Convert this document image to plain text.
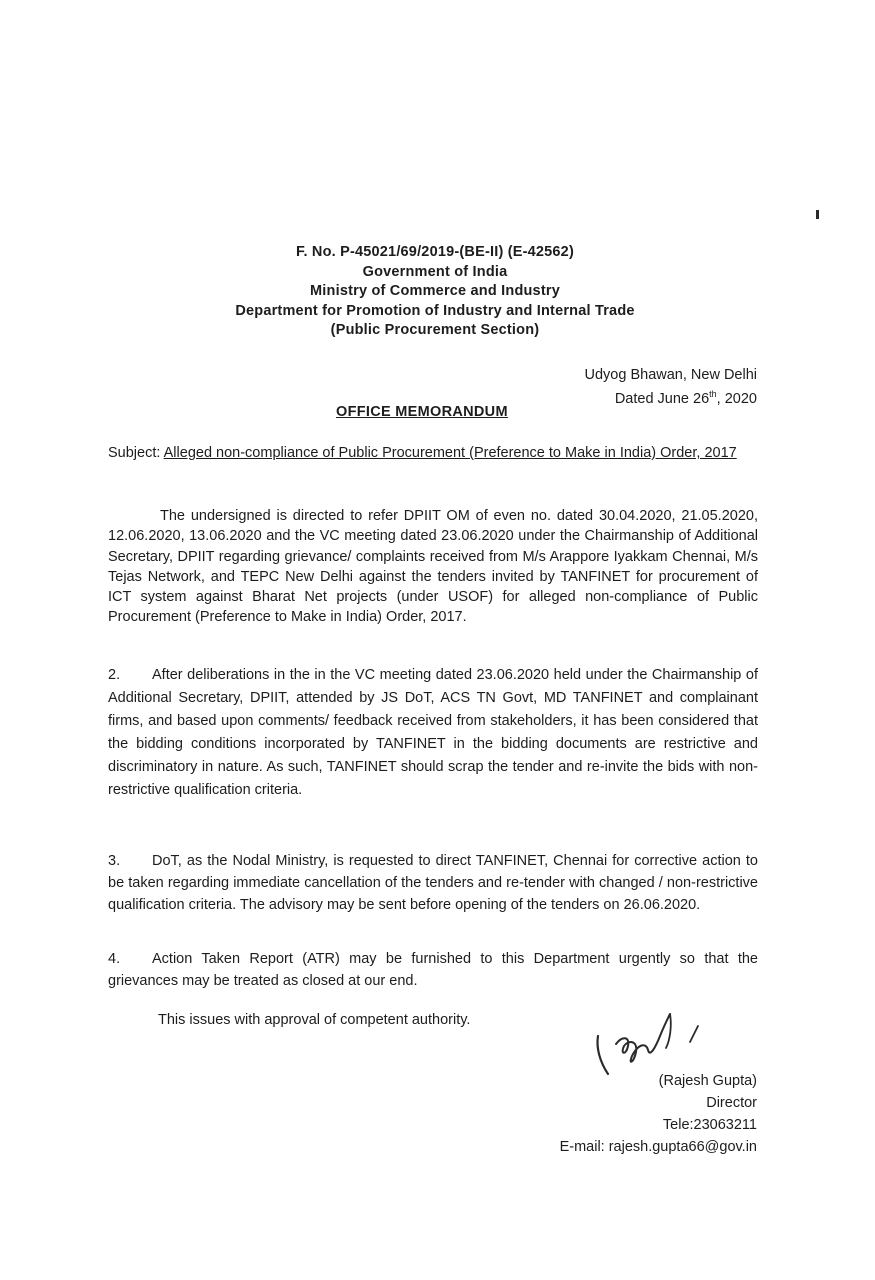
F. No. P-45021/69/2019-(BE-II) (E-42562)
Government of India
Ministry of Commerce and Industry
Department for Promotion of Industry and Internal Trade
(Public Procurement Section)
Udyog Bhawan, New Delhi
Dated June 26th, 2020
OFFICE MEMORANDUM
Subject: Alleged non-compliance of Public Procurement (Preference to Make in India) Order, 2017
The undersigned is directed to refer DPIIT OM of even no. dated 30.04.2020, 21.05.2020, 12.06.2020, 13.06.2020 and the VC meeting dated 23.06.2020 under the Chairmanship of Additional Secretary, DPIIT regarding grievance/ complaints received from M/s Arappore Iyakkam Chennai, M/s Tejas Network, and TEPC New Delhi against the tenders invited by TANFINET for procurement of ICT system against Bharat Net projects (under USOF) for alleged non-compliance of Public Procurement (Preference to Make in India) Order, 2017.
2. After deliberations in the in the VC meeting dated 23.06.2020 held under the Chairmanship of Additional Secretary, DPIIT, attended by JS DoT, ACS TN Govt, MD TANFINET and complainant firms, and based upon comments/ feedback received from stakeholders, it has been considered that the bidding conditions incorporated by TANFINET in the bidding documents are restrictive and discriminatory in nature. As such, TANFINET should scrap the tender and re-invite the bids with non-restrictive qualification criteria.
3. DoT, as the Nodal Ministry, is requested to direct TANFINET, Chennai for corrective action to be taken regarding immediate cancellation of the tenders and re-tender with changed / non-restrictive qualification criteria. The advisory may be sent before opening of the tenders on 26.06.2020.
4. Action Taken Report (ATR) may be furnished to this Department urgently so that the grievances may be treated as closed at our end.
This issues with approval of competent authority.
(Rajesh Gupta)
Director
Tele:23063211
E-mail: rajesh.gupta66@gov.in
